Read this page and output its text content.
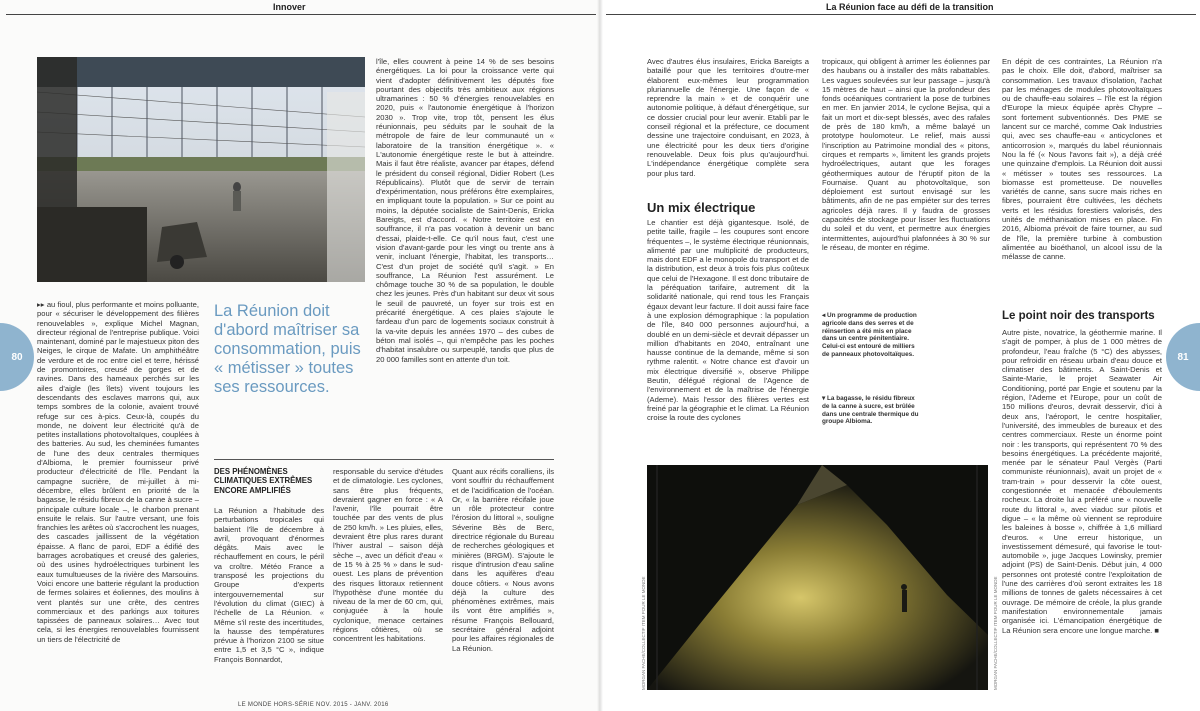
Innover

▸▸ au fioul, plus performante et moins polluante, pour « sécuriser le développement des filières renouvelables », explique Michel Magnan, directeur régional de l'entreprise publique. Voici maintenant, dominé par le majestueux piton des Neiges, le cirque de Mafate. Un amphithéâtre de verdure et de roc entre ciel et terre, hérissé de promontoires, creusé de gorges et de ravines. Dans des hameaux perchés sur les ailes d'aigle (les îlets) vivent toujours les descendants des esclaves marrons qui, aux temps sombres de la colonie, avaient trouvé refuge sur ces à-pics. Ceux-là, coupés du monde, ne doivent leur électricité qu'à de petites installations photovoltaïques, couplées à des batteries. Au sud, les cheminées fumantes de l'une des deux centrales thermiques d'Albioma, le premier fournisseur privé producteur d'électricité de l'île. Pendant la campagne sucrière, de mi-juillet à mi-décembre, elles brûlent en priorité de la bagasse, le résidu fibreux de la canne à sucre – principale culture locale –, le charbon prenant ensuite le relais. Sur l'autre versant, une fois franchies les arêtes où s'accrochent les nuages, des cascades jaillissent de la végétation épaisse. A flanc de paroi, EDF a édifié des barrages acrobatiques et creusé des galeries, où des usines hydroélectriques turbinent les eaux tumultueuses de la rivière des Marsouins. Voici encore une batterie régulant la production de fermes solaires et éoliennes, des moulins à vent plantés sur une crête, des centres commerciaux et des parkings aux toitures tapissées de panneaux solaires… Avec tout cela, si les énergies renouvelables fournissent un tiers de l'électricité de

La Réunion doit d'abord maîtriser sa consommation, puis « métisser » toutes ses ressources.

l'île, elles couvrent à peine 14 % de ses besoins énergétiques. La loi pour la croissance verte qui vient d'adopter définitivement les députés fixe pourtant des objectifs très ambitieux aux régions ultramarines : 50 % d'énergies renouvelables en 2020, puis « l'autonomie énergétique à l'horizon 2030 ». Trop vite, trop tôt, pensent les élus réunionnais, peu séduits par le souhait de la métropole de faire de leur communauté un « laboratoire de la transition énergétique ». « L'autonomie énergétique reste le but à atteindre. Mais il faut être réaliste, avancer par étapes, défend le président du conseil régional, Didier Robert (Les Républicains). Plutôt que de servir de terrain d'expérimentation, nous préférons être exemplaires, en impliquant toute la population. » Sur ce point au moins, la députée socialiste de Saint-Denis, Ericka Bareigts, est d'accord. « Notre territoire est en souffrance, il n'a pas vocation à devenir un banc d'essai, plaide-t-elle. Ce qu'il nous faut, c'est une vision d'avant-garde pour les vingt ou trente ans à venir, incluant l'énergie, l'habitat, les transports… C'est d'un projet de société qu'il s'agit. » En souffrance, La Réunion l'est assurément. Le chômage touche 30 % de sa population, le double chez les jeunes. Près d'un habitant sur deux vit sous le seuil de pauvreté, un foyer sur trois est en précarité énergétique. A ces plaies s'ajoute le fardeau d'un parc de logements sociaux construit à la va-vite depuis les années 1970 – des cubes de béton mal isolés –, qui n'empêche pas les poches d'habitat insalubre ou surpeuplé, tandis que plus de 20 000 familles sont en attente d'un toit.

DES PHÉNOMÈNES CLIMATIQUES EXTRÊMES ENCORE AMPLIFIÉS

La Réunion a l'habitude des perturbations tropicales qui balaient l'île de décembre à avril, provoquant d'énormes dégâts. Mais avec le réchauffement en cours, le péril va croître. Météo France a transposé les projections du Groupe d'experts intergouvernemental sur l'évolution du climat (GIEC) à l'échelle de La Réunion. « Même s'il reste des incertitudes, la hausse des températures prévue à l'horizon 2100 se situe entre 1,5 et 3,5 °C », indique François Bonnardot,

responsable du service d'études et de climatologie. Les cyclones, sans être plus fréquents, devraient gagner en force : « A l'avenir, l'île pourrait être touchée par des vents de plus de 250 km/h. » Les pluies, elles, devraient être plus rares durant l'hiver austral – saison déjà sèche –, avec un déficit d'eau « de 15 % à 25 % » dans le sud-ouest. Les plans de prévention des risques littoraux retiennent l'hypothèse d'une montée du niveau de la mer de 60 cm, qui, conjuguée à la houle cyclonique, menace certaines régions côtières, où se concentrent les habitations.

Quant aux récifs coralliens, ils vont souffrir du réchauffement et de l'acidification de l'océan. Or, « la barrière récifale joue un rôle protecteur contre l'érosion du littoral », souligne Séverine Bès de Berc, directrice régionale du Bureau de recherches géologiques et minières (BRGM). S'ajoute le risque d'intrusion d'eau saline dans les aquifères d'eau douce côtiers. « Nous avons déjà la culture des phénomènes extrêmes, mais ils vont être amplifiés », résume François Bellouard, secrétaire général adjoint pour les affaires régionales de La Réunion.

80
LE MONDE HORS-SÉRIE NOV. 2015 - JANV. 2016
La Réunion face au défi de la transition

Avec d'autres élus insulaires, Ericka Bareigts a bataillé pour que les territoires d'outre-mer élaborent eux-mêmes leur programmation pluriannuelle de l'énergie. Une façon de « reprendre la main » et de conquérir une autonomie politique, à défaut d'énergétique, sur ce dossier crucial pour leur avenir. Etabli par le conseil régional et la préfecture, ce document dessine une trajectoire conduisant, en 2023, à une électricité pour les deux tiers d'origine renouvelable. Deux fois plus qu'aujourd'hui. L'indépendance énergétique complète sera pour plus tard.

Un mix électrique

Le chantier est déjà gigantesque. Isolé, de petite taille, fragile – les coupures sont encore fréquentes –, le système électrique réunionnais, alimenté par une multiplicité de producteurs, mais dont EDF a le monopole du transport et de la distribution, est deux à trois fois plus coûteux que celui de l'Hexagone. Il est donc tributaire de la péréquation tarifaire, autrement dit la solidarité nationale, qui rend tous les Français égaux devant leur facture. Il doit aussi faire face à une explosion démographique : la population de l'île, 840 000 personnes aujourd'hui, a doublé en un demi-siècle et devrait dépasser un million d'habitants en 2040, entraînant une hausse continue de la demande, même si son rythme ralentit. « Notre chance est d'avoir un mix électrique diversifié », observe Philippe Beutin, délégué régional de l'Agence de l'environnement et de la maîtrise de l'énergie (Ademe). Mais l'essor des filières vertes est freiné par la géographie et le climat. La Réunion croise la route des cyclones

tropicaux, qui obligent à arrimer les éoliennes par des haubans ou à installer des mâts rabattables. Les vagues soulevées sur leur passage – jusqu'à 15 mètres de haut – ainsi que la profondeur des fonds océaniques contrarient la pose de turbines en mer. En janvier 2014, le cyclone Bejisa, qui a fait un mort et dix-sept blessés, avec des rafales de près de 180 km/h, a même balayé un prototype houlomoteur. Le relief, mais aussi l'inscription au Patrimoine mondial des « pitons, cirques et remparts », limitent les grands projets hydroélectriques, autant que les forages géothermiques autour de l'éruptif piton de la Fournaise. Quant au photovoltaïque, son déploiement est surtout envisagé sur les bâtiments, afin de ne pas empiéter sur des terres agricoles déjà rares. Il y faudra de grosses capacités de stockage pour lisser les fluctuations du soleil et du vent, et permettre aux énergies intermittentes, aujourd'hui plafonnées à 30 % sur le réseau, de monter en régime.

◂ Un programme de production agricole dans des serres et de réinsertion a été mis en place dans un centre pénitentiaire. Celui-ci est entouré de milliers de panneaux photovoltaïques.
▾ La bagasse, le résidu fibreux de la canne à sucre, est brûlée dans une centrale thermique du groupe Albioma.

En dépit de ces contraintes, La Réunion n'a pas le choix. Elle doit, d'abord, maîtriser sa consommation. Les travaux d'isolation, l'achat par les ménages de modules photovoltaïques ou de chauffe-eau solaires – l'île est la région d'Europe la mieux équipée après Chypre – sont fortement subventionnés. Des PME se lancent sur ce marché, comme Oak Industries qui, avec ses chauffe-eau « anticyclones et anticorrosion », marqués du label réunionnais Nou la fé (« Nous l'avons fait »), a déjà créé une quinzaine d'emplois. La Réunion doit aussi « métisser » toutes ses ressources. La biomasse est prometteuse. De nouvelles variétés de canne, sans sucre mais riches en fibres, pourraient être cultivées, les déchets verts et les résidus forestiers valorisés, des unités de méthanisation mises en place. Fin 2016, Albioma prévoit de faire tourner, au sud de l'île, la première turbine à combustion alimentée au bioéthanol, un alcool issu de la mélasse de canne.

Le point noir des transports

Autre piste, novatrice, la géothermie marine. Il s'agit de pomper, à plus de 1 000 mètres de profondeur, l'eau fraîche (5 °C) des abysses, pour refroidir en réseau urbain d'eau douce et climatiser des bâtiments. A Saint-Denis et Sainte-Marie, le projet Seawater Air Conditioning, porté par Engie et soutenu par la région, l'Ademe et l'Europe, pour un coût de 150 millions d'euros, devrait desservir, d'ici à deux ans, l'aéroport, le centre hospitalier, l'université, des immeubles de bureaux et des centres commerciaux. Reste un énorme point noir : les transports, qui représentent 70 % des besoins énergétiques. La précédente majorité, menée par le sénateur Paul Vergès (Parti communiste réunionnais), avait un projet de « tram-train » pour desservir la côte ouest, congestionnée et menacée d'éboulements rocheux. La droite lui a préféré une « nouvelle route du littoral », avec viaduc sur pilotis et digue – « la même où viennent se reproduire les baleines à bosse », chiffrée à 1,6 milliard d'euros. « Une erreur historique, un investissement démesuré, qui favorise le tout-automobile », juge Jacques Lowinsky, premier adjoint (PS) de Saint-Denis. Début juin, 4 000 personnes ont protesté contre l'exploitation de l'une des carrières d'où seront extraites les 18 millions de tonnes de galets nécessaires à cet ouvrage. De mémoire de créole, la plus grande manifestation environnementale jamais organisée ici. L'émancipation énergétique de La Réunion sera encore une longue marche. ■

MORGAN FACHE/COLLECTIF ITEM POUR LE MONDE	MORGAN FACHE/COLLECTIF ITEM POUR LE MONDE
81
